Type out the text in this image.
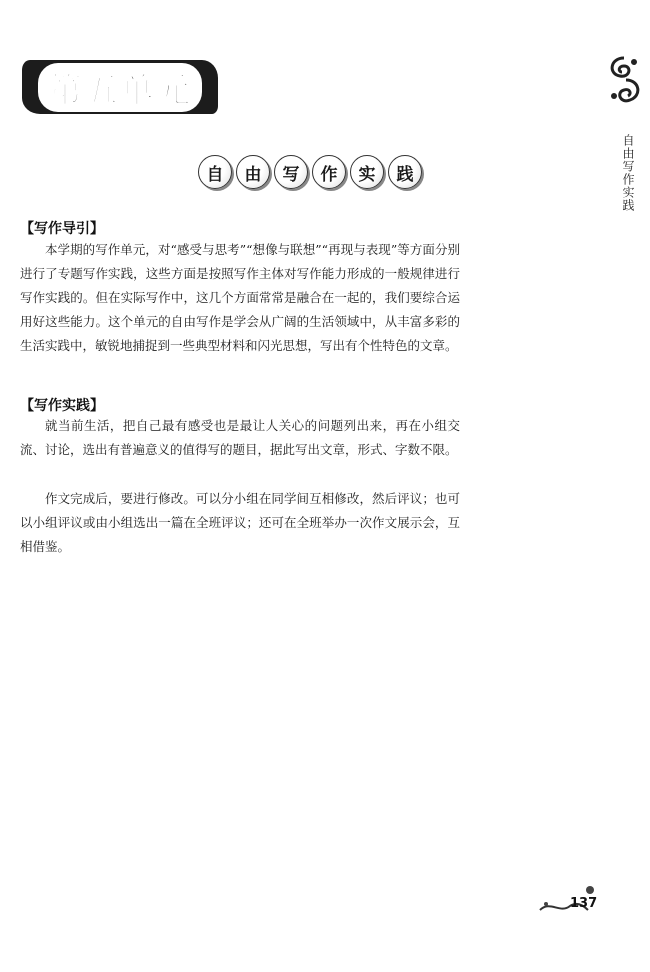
第五单元
自由写作实践
自	由	写	作	实	践
【写作导引】

本学期的写作单元，对“感受与思考”“想像与联想”“再现与表现”等方面分别进行了专题写作实践，这些方面是按照写作主体对写作能力形成的一般规律进行写作实践的。但在实际写作中，这几个方面常常是融合在一起的，我们要综合运用好这些能力。这个单元的自由写作是学会从广阔的生活领域中，从丰富多彩的生活实践中，敏锐地捕捉到一些典型材料和闪光思想，写出有个性特色的文章。

【写作实践】

就当前生活，把自己最有感受也是最让人关心的问题列出来，再在小组交流、讨论，选出有普遍意义的值得写的题目，据此写出文章，形式、字数不限。

作文完成后，要进行修改。可以分小组在同学间互相修改，然后评议；也可以小组评议或由小组选出一篇在全班评议；还可在全班举办一次作文展示会，互相借鉴。

137
